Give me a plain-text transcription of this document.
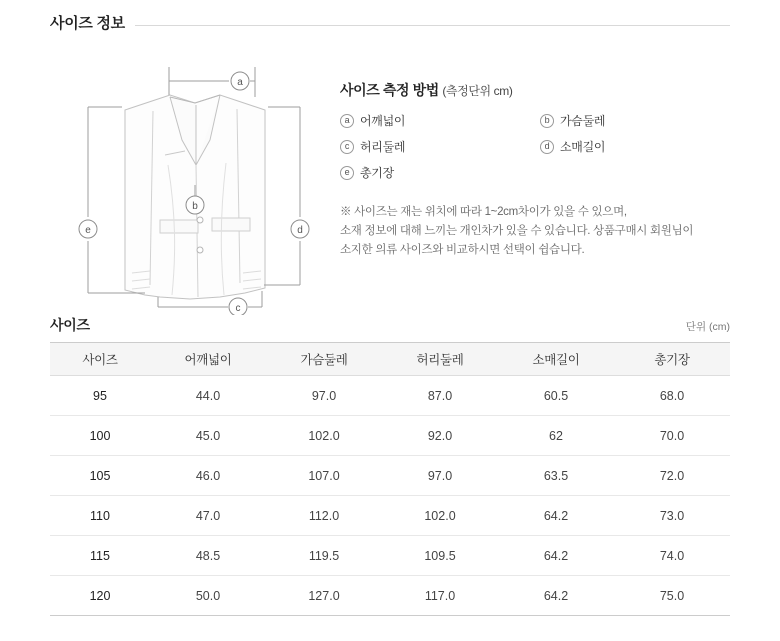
사이즈 정보
a
b
c
d
e
사이즈 측정 방법 (측정단위 cm)
a 어깨넓이	b 가슴둘레
c 허리둘레	d 소매길이
e 총기장
※ 사이즈는 재는 위치에 따라 1~2cm차이가 있을 수 있으며,
소재 정보에 대해 느끼는 개인차가 있을 수 있습니다. 상품구매시 회원님이
소지한 의류 사이즈와 비교하시면 선택이 쉽습니다.
사이즈	단위 (cm)
사이즈	어깨넓이	가슴둘레	허리둘레	소매길이	총기장
95	44.0	97.0	87.0	60.5	68.0
100	45.0	102.0	92.0	62	70.0
105	46.0	107.0	97.0	63.5	72.0
110	47.0	112.0	102.0	64.2	73.0
115	48.5	119.5	109.5	64.2	74.0
120	50.0	127.0	117.0	64.2	75.0
